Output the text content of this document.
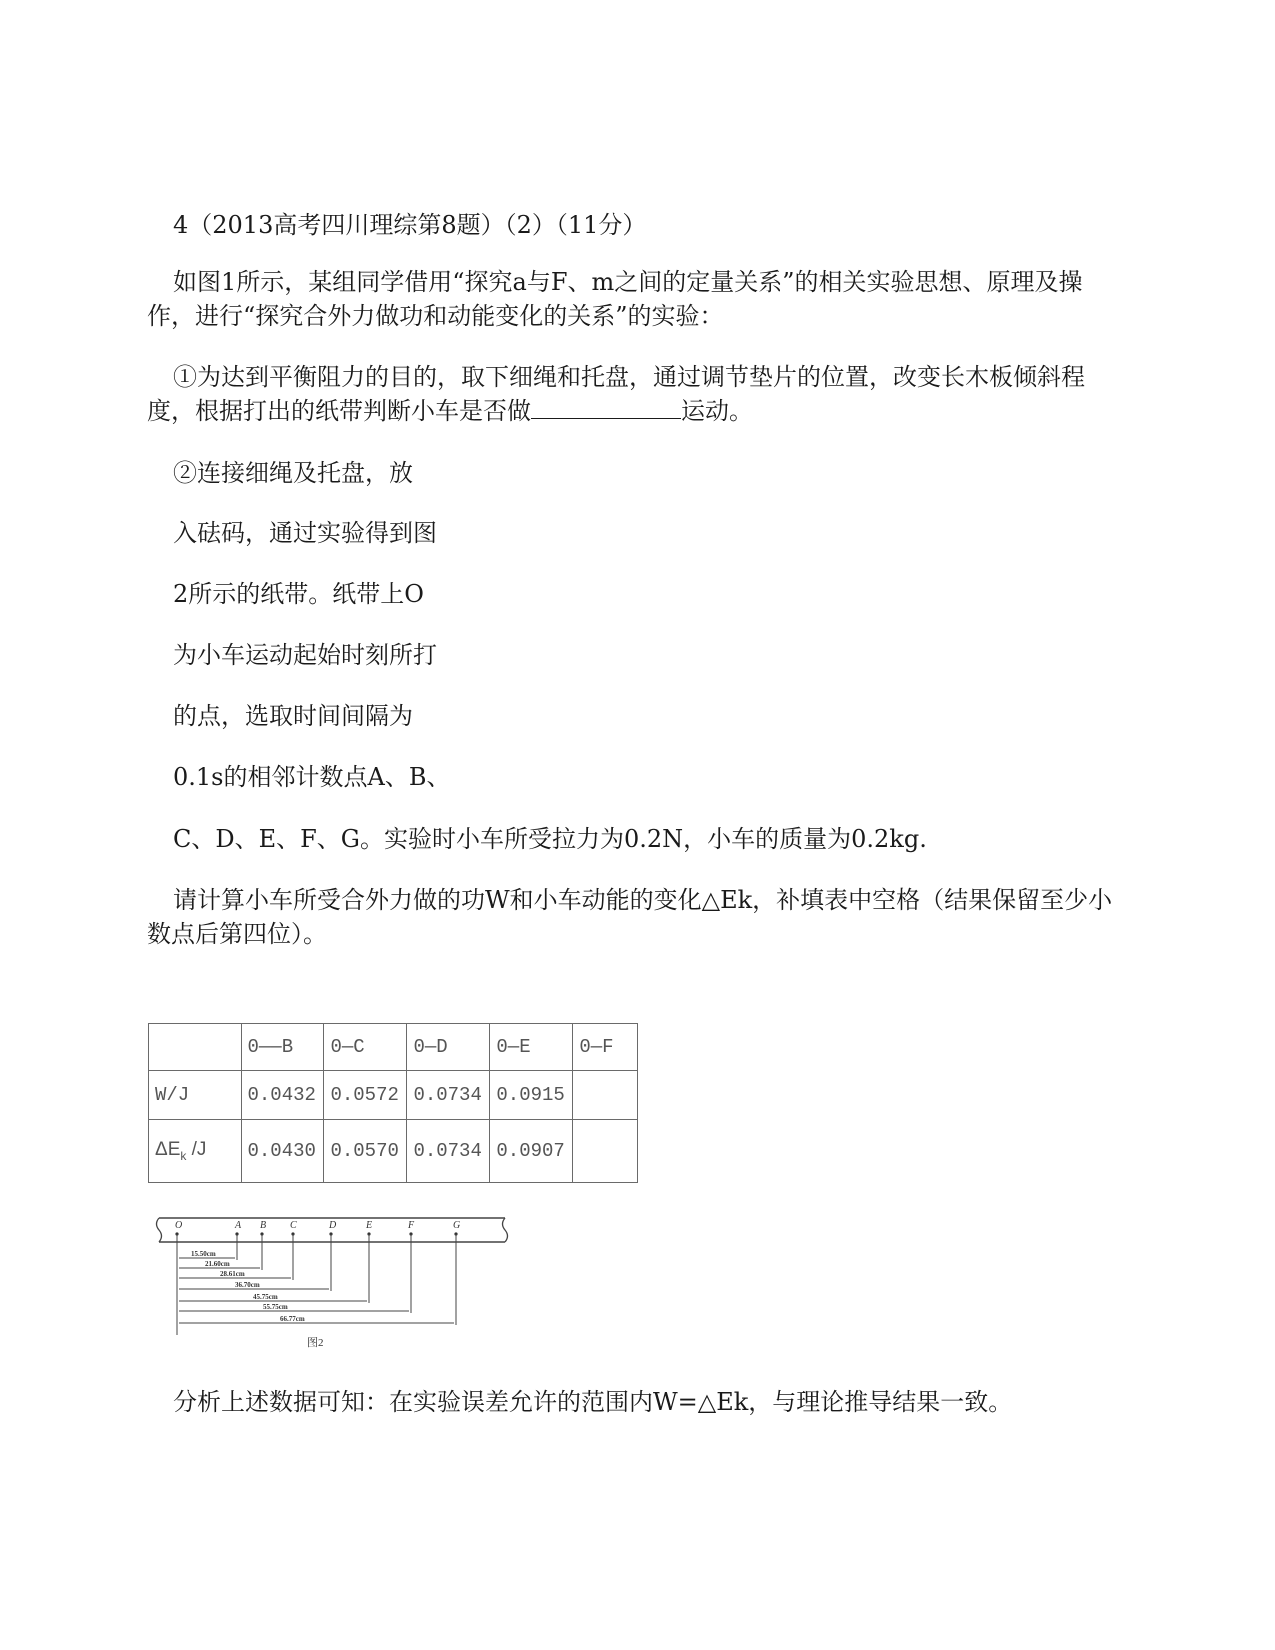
4（2013高考四川理综第8题）（2）（11分）

如图1所示，某组同学借用“探究a与F、m之间的定量关系”的相关实验思想、原理及操作，进行“探究合外力做功和动能变化的关系”的实验：

①为达到平衡阻力的目的，取下细绳和托盘，通过调节垫片的位置，改变长木板倾斜程度，根据打出的纸带判断小车是否做	运动。

②连接细绳及托盘，放

入砝码，通过实验得到图

2所示的纸带。纸带上O

为小车运动起始时刻所打

的点，选取时间间隔为

0.1s的相邻计数点A、B、

C、D、E、F、G。实验时小车所受拉力为0.2N，小车的质量为0.2kg.

请计算小车所受合外力做的功W和小车动能的变化△Ek，补填表中空格（结果保留至少小数点后第四位）。

	0——B	0—C	0—D	0—E	0—F
W/J	0.0432	0.0572	0.0734	0.0915	
$\Delta E_k$ /J	0.0430	0.0570	0.0734	0.0907	
O	A B C	D	E	F	G
15.50cm
21.60cm
28.61cm
36.70cm
45.75cm
55.75cm
66.77cm
图2

分析上述数据可知：在实验误差允许的范围内W=△Ek，与理论推导结果一致。
